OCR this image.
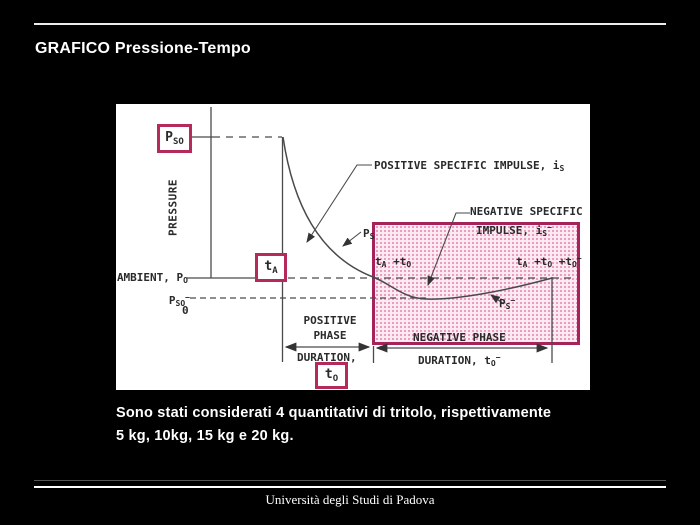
GRAFICO Pressione-Tempo
$P_{SO}$
$t_A$
$t_O$
PRESSURE
POSITIVE SPECIFIC IMPULSE, $i_S$
NEGATIVE SPECIFIC
IMPULSE, $i_S^-$
$P_S$
AMBIENT, $P_O$
$P_{SO}^-$
0
$t_A +t_O$	$t_A +t_O +t_O^-$
$P_S^-$
POSITIVE
PHASE
DURATION,
NEGATIVE PHASE
DURATION, $t_O^-$
Sono stati considerati 4 quantitativi di tritolo, rispettivamente
5 kg, 10kg, 15 kg e 20 kg.
Università degli Studi di Padova
